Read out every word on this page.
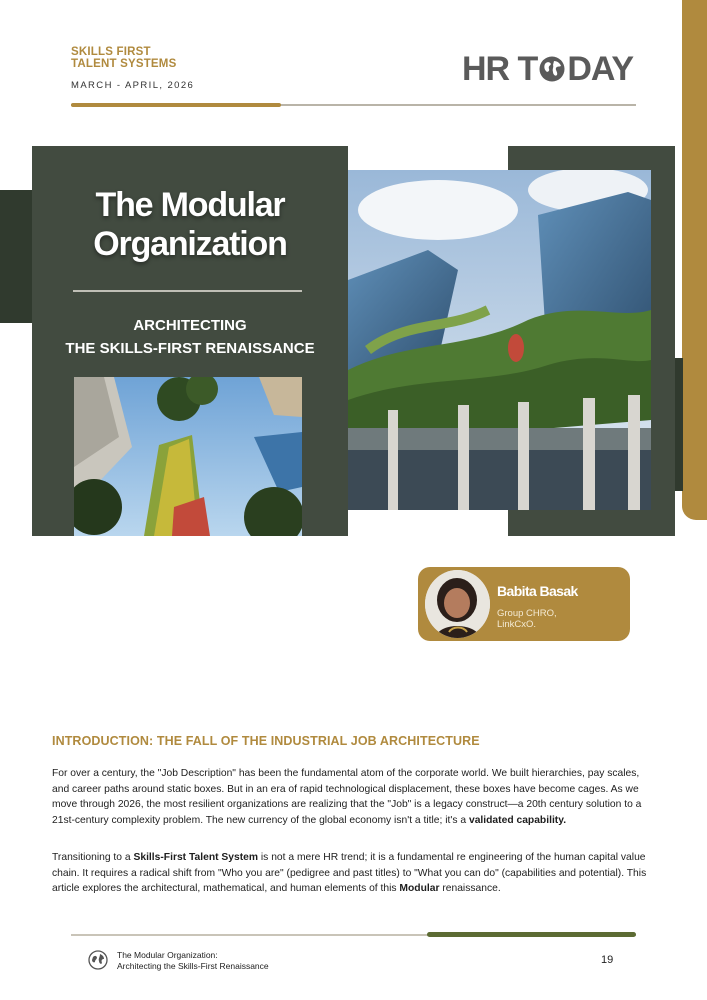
SKILLS FIRST
TALENT SYSTEMS
MARCH - APRIL, 2026	HR T DAY
The Modular
Organization
ARCHITECTING
THE SKILLS-FIRST RENAISSANCE
Babita Basak
Group CHRO,
LinkCxO.
INTRODUCTION: THE FALL OF THE INDUSTRIAL JOB ARCHITECTURE
For over a century, the "Job Description" has been the fundamental atom of the corporate world. We built hierarchies, pay scales, and career paths around static boxes. But in an era of rapid technological displacement, these boxes have become cages. As we move through 2026, the most resilient organizations are realizing that the "Job" is a legacy construct—a 20th century solution to a 21st-century complexity problem. The new currency of the global economy isn't a title; it's a validated capability.
Transitioning to a Skills-First Talent System is not a mere HR trend; it is a fundamental re engineering of the human capital value chain. It requires a radical shift from "Who you are" (pedigree and past titles) to "What you can do" (capabilities and potential). This article explores the architectural, mathematical, and human elements of this Modular renaissance.
The Modular Organization:
Architecting the Skills-First Renaissance	19
